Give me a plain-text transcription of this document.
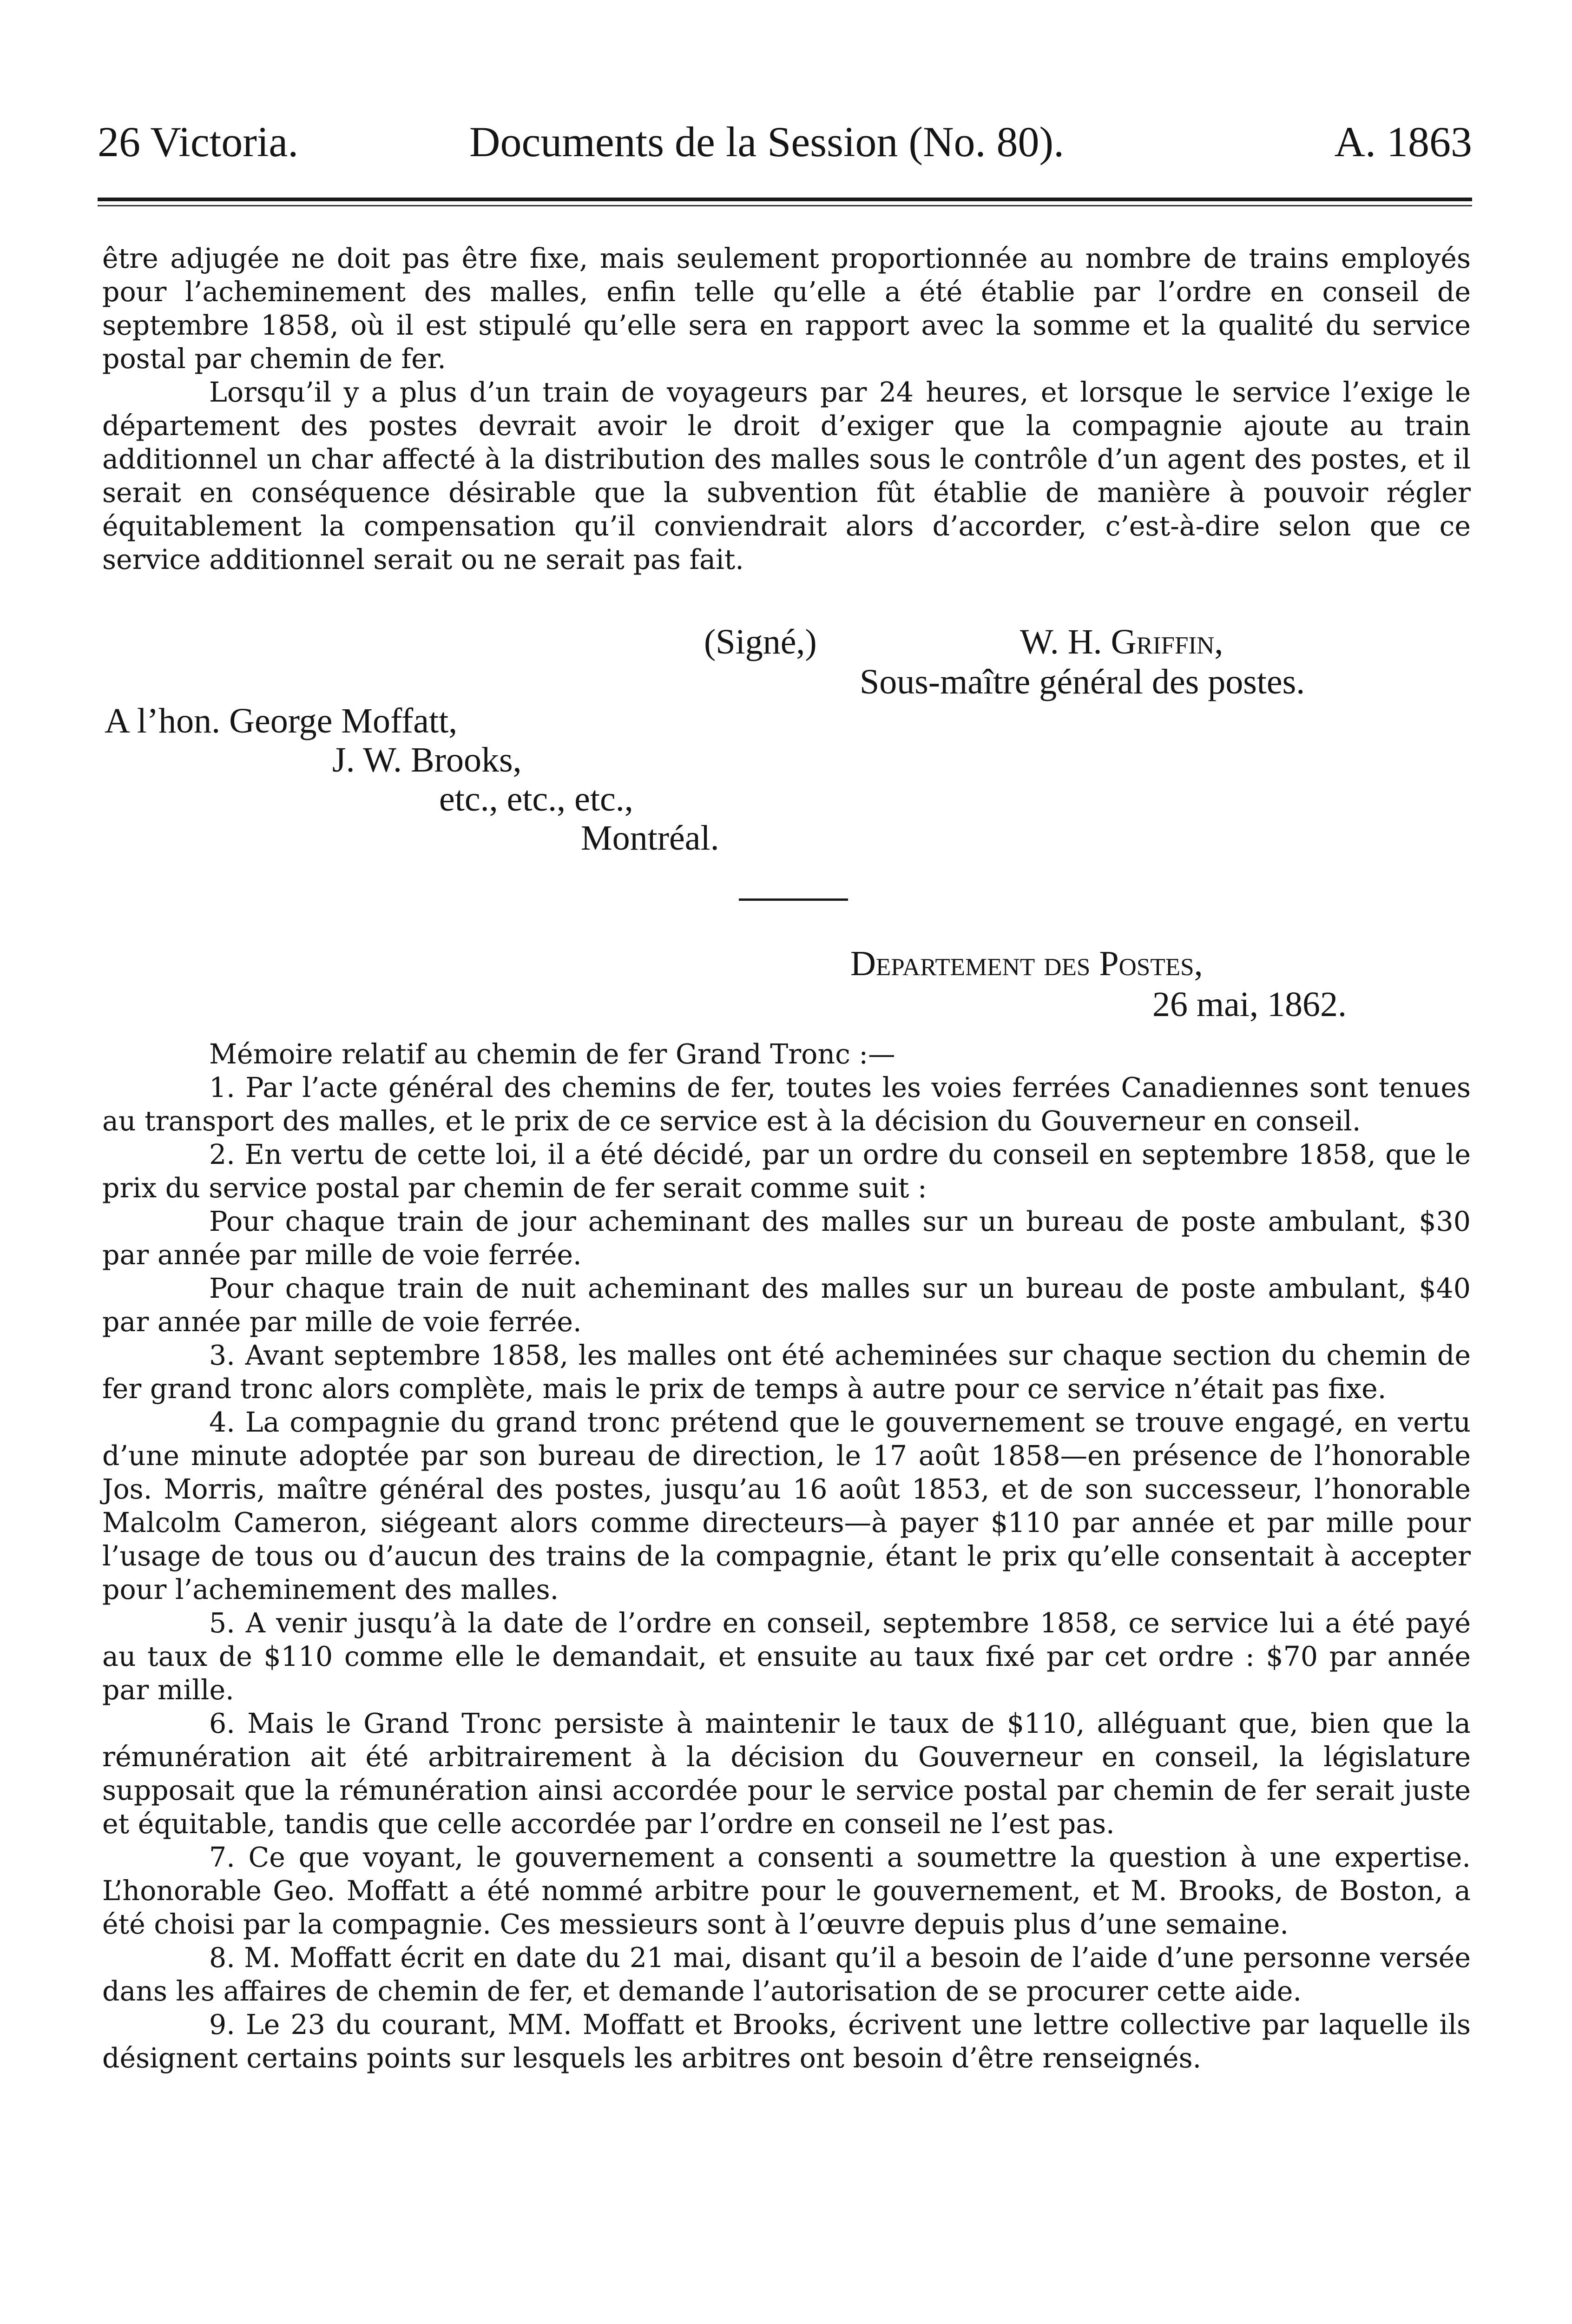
26 Victoria.	Documents de la Session (No. 80).	A. 1863

être adjugée ne doit pas être fixe, mais seulement proportionnée au nombre de trains employés pour l’acheminement des malles, enfin telle qu’elle a été établie par l’ordre en conseil de septembre 1858, où il est stipulé qu’elle sera en rapport avec la somme et la qualité du service postal par chemin de fer.

Lorsqu’il y a plus d’un train de voyageurs par 24 heures, et lorsque le service l’exige le département des postes devrait avoir le droit d’exiger que la compagnie ajoute au train additionnel un char affecté à la distribution des malles sous le contrôle d’un agent des postes, et il serait en conséquence désirable que la subvention fût établie de manière à pouvoir régler équitablement la compensation qu’il conviendrait alors d’accorder, c’est-à-dire selon que ce service additionnel serait ou ne serait pas fait.

(Signé,)	W. H. Griffin,
Sous-maître général des postes.
A l’hon. George Moffatt,
J. W. Brooks,
etc., etc., etc.,
Montréal.
Departement des Postes,
26 mai, 1862.

Mémoire relatif au chemin de fer Grand Tronc :—

1. Par l’acte général des chemins de fer, toutes les voies ferrées Canadiennes sont tenues au transport des malles, et le prix de ce service est à la décision du Gouverneur en conseil.

2. En vertu de cette loi, il a été décidé, par un ordre du conseil en septembre 1858, que le prix du service postal par chemin de fer serait comme suit :

Pour chaque train de jour acheminant des malles sur un bureau de poste ambulant, $30 par année par mille de voie ferrée.

Pour chaque train de nuit acheminant des malles sur un bureau de poste ambulant, $40 par année par mille de voie ferrée.

3. Avant septembre 1858, les malles ont été acheminées sur chaque section du chemin de fer grand tronc alors complète, mais le prix de temps à autre pour ce service n’était pas fixe.

4. La compagnie du grand tronc prétend que le gouvernement se trouve engagé, en vertu d’une minute adoptée par son bureau de direction, le 17 août 1858—en présence de l’honorable Jos. Morris, maître général des postes, jusqu’au 16 août 1853, et de son successeur, l’honorable Malcolm Cameron, siégeant alors comme directeurs—à payer $110 par année et par mille pour l’usage de tous ou d’aucun des trains de la compagnie, étant le prix qu’elle consentait à accepter pour l’acheminement des malles.

5. A venir jusqu’à la date de l’ordre en conseil, septembre 1858, ce service lui a été payé au taux de $110 comme elle le demandait, et ensuite au taux fixé par cet ordre : $70 par année par mille.

6. Mais le Grand Tronc persiste à maintenir le taux de $110, alléguant que, bien que la rémunération ait été arbitrairement à la décision du Gouverneur en conseil, la législature supposait que la rémunération ainsi accordée pour le service postal par chemin de fer serait juste et équitable, tandis que celle accordée par l’ordre en conseil ne l’est pas.

7. Ce que voyant, le gouvernement a consenti a soumettre la question à une expertise. L’honorable Geo. Moffatt a été nommé arbitre pour le gouvernement, et M. Brooks, de Boston, a été choisi par la compagnie. Ces messieurs sont à l’œuvre depuis plus d’une semaine.

8. M. Moffatt écrit en date du 21 mai, disant qu’il a besoin de l’aide d’une personne versée dans les affaires de chemin de fer, et demande l’autorisation de se procurer cette aide.

9. Le 23 du courant, MM. Moffatt et Brooks, écrivent une lettre collective par laquelle ils désignent certains points sur lesquels les arbitres ont besoin d’être renseignés.
